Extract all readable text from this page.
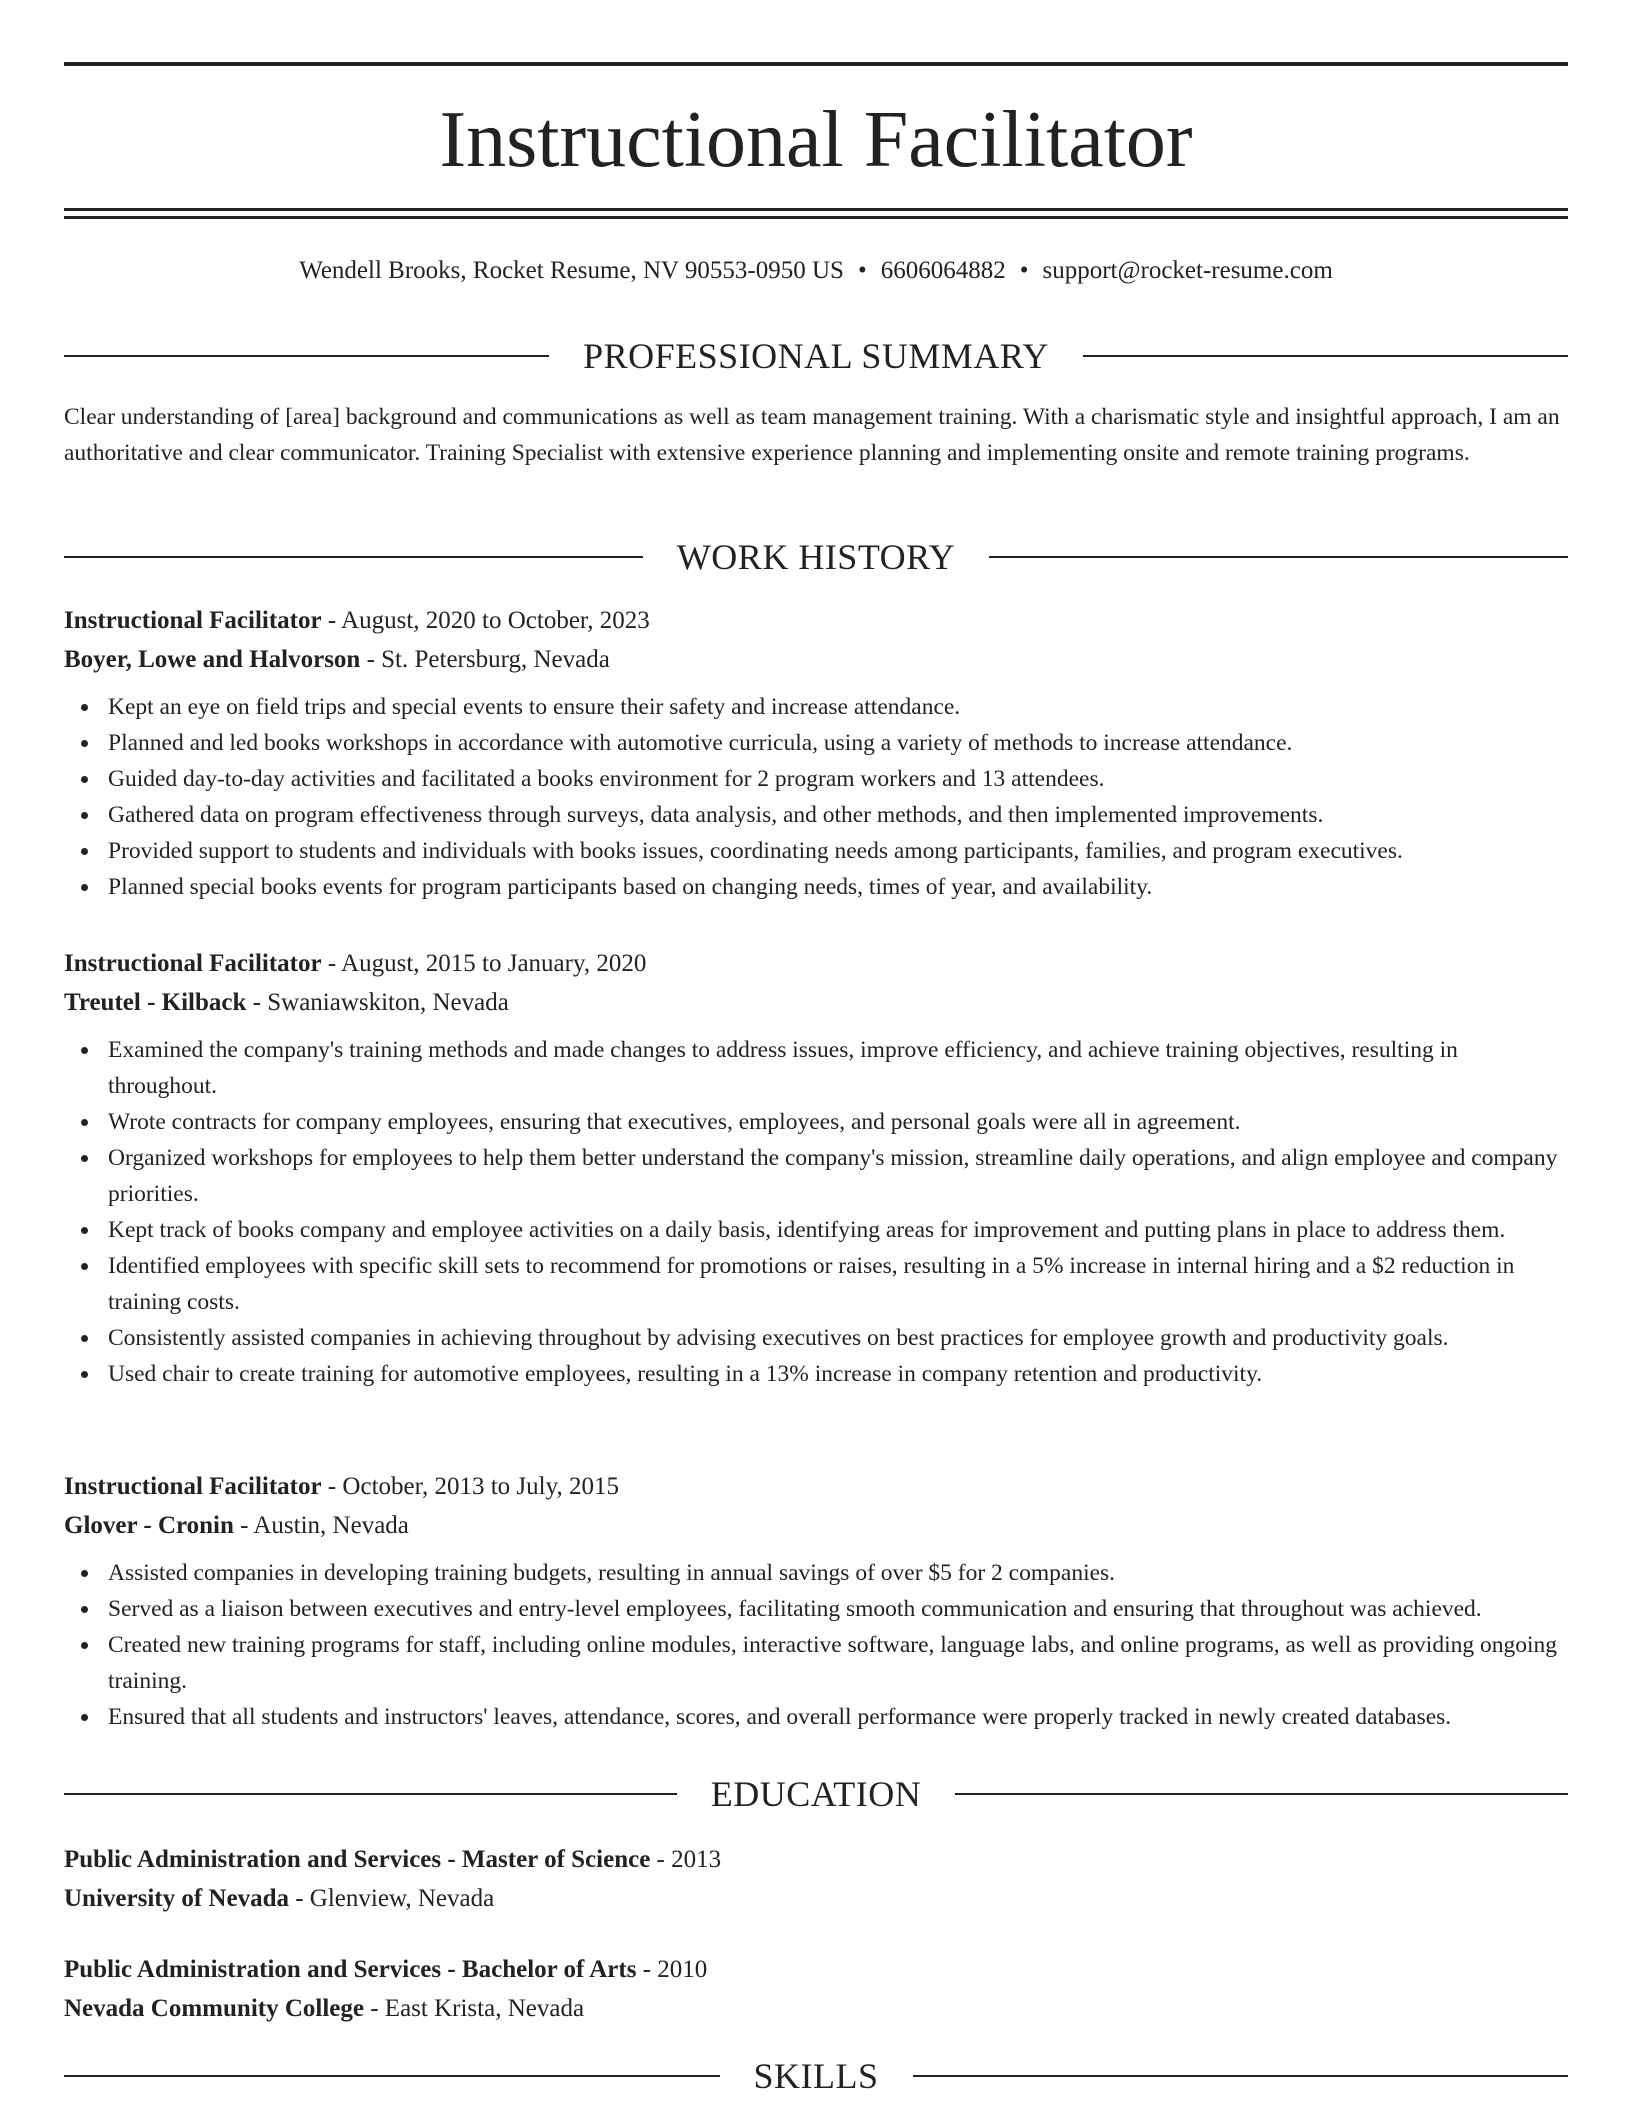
Instructional Facilitator
Wendell Brooks, Rocket Resume, NV 90553-0950 US • 6606064882 • support@rocket-resume.com
PROFESSIONAL SUMMARY
Clear understanding of [area] background and communications as well as team management training. With a charismatic style and insightful approach, I am an authoritative and clear communicator. Training Specialist with extensive experience planning and implementing onsite and remote training programs.
WORK HISTORY
Instructional Facilitator - August, 2020 to October, 2023
Boyer, Lowe and Halvorson - St. Petersburg, Nevada
Kept an eye on field trips and special events to ensure their safety and increase attendance.
Planned and led books workshops in accordance with automotive curricula, using a variety of methods to increase attendance.
Guided day-to-day activities and facilitated a books environment for 2 program workers and 13 attendees.
Gathered data on program effectiveness through surveys, data analysis, and other methods, and then implemented improvements.
Provided support to students and individuals with books issues, coordinating needs among participants, families, and program executives.
Planned special books events for program participants based on changing needs, times of year, and availability.
Instructional Facilitator - August, 2015 to January, 2020
Treutel - Kilback - Swaniawskiton, Nevada
Examined the company's training methods and made changes to address issues, improve efficiency, and achieve training objectives, resulting in throughout.
Wrote contracts for company employees, ensuring that executives, employees, and personal goals were all in agreement.
Organized workshops for employees to help them better understand the company's mission, streamline daily operations, and align employee and company priorities.
Kept track of books company and employee activities on a daily basis, identifying areas for improvement and putting plans in place to address them.
Identified employees with specific skill sets to recommend for promotions or raises, resulting in a 5% increase in internal hiring and a $2 reduction in training costs.
Consistently assisted companies in achieving throughout by advising executives on best practices for employee growth and productivity goals.
Used chair to create training for automotive employees, resulting in a 13% increase in company retention and productivity.
Instructional Facilitator - October, 2013 to July, 2015
Glover - Cronin - Austin, Nevada
Assisted companies in developing training budgets, resulting in annual savings of over $5 for 2 companies.
Served as a liaison between executives and entry-level employees, facilitating smooth communication and ensuring that throughout was achieved.
Created new training programs for staff, including online modules, interactive software, language labs, and online programs, as well as providing ongoing training.
Ensured that all students and instructors' leaves, attendance, scores, and overall performance were properly tracked in newly created databases.
EDUCATION
Public Administration and Services - Master of Science - 2013
University of Nevada - Glenview, Nevada
Public Administration and Services - Bachelor of Arts - 2010
Nevada Community College - East Krista, Nevada
SKILLS
